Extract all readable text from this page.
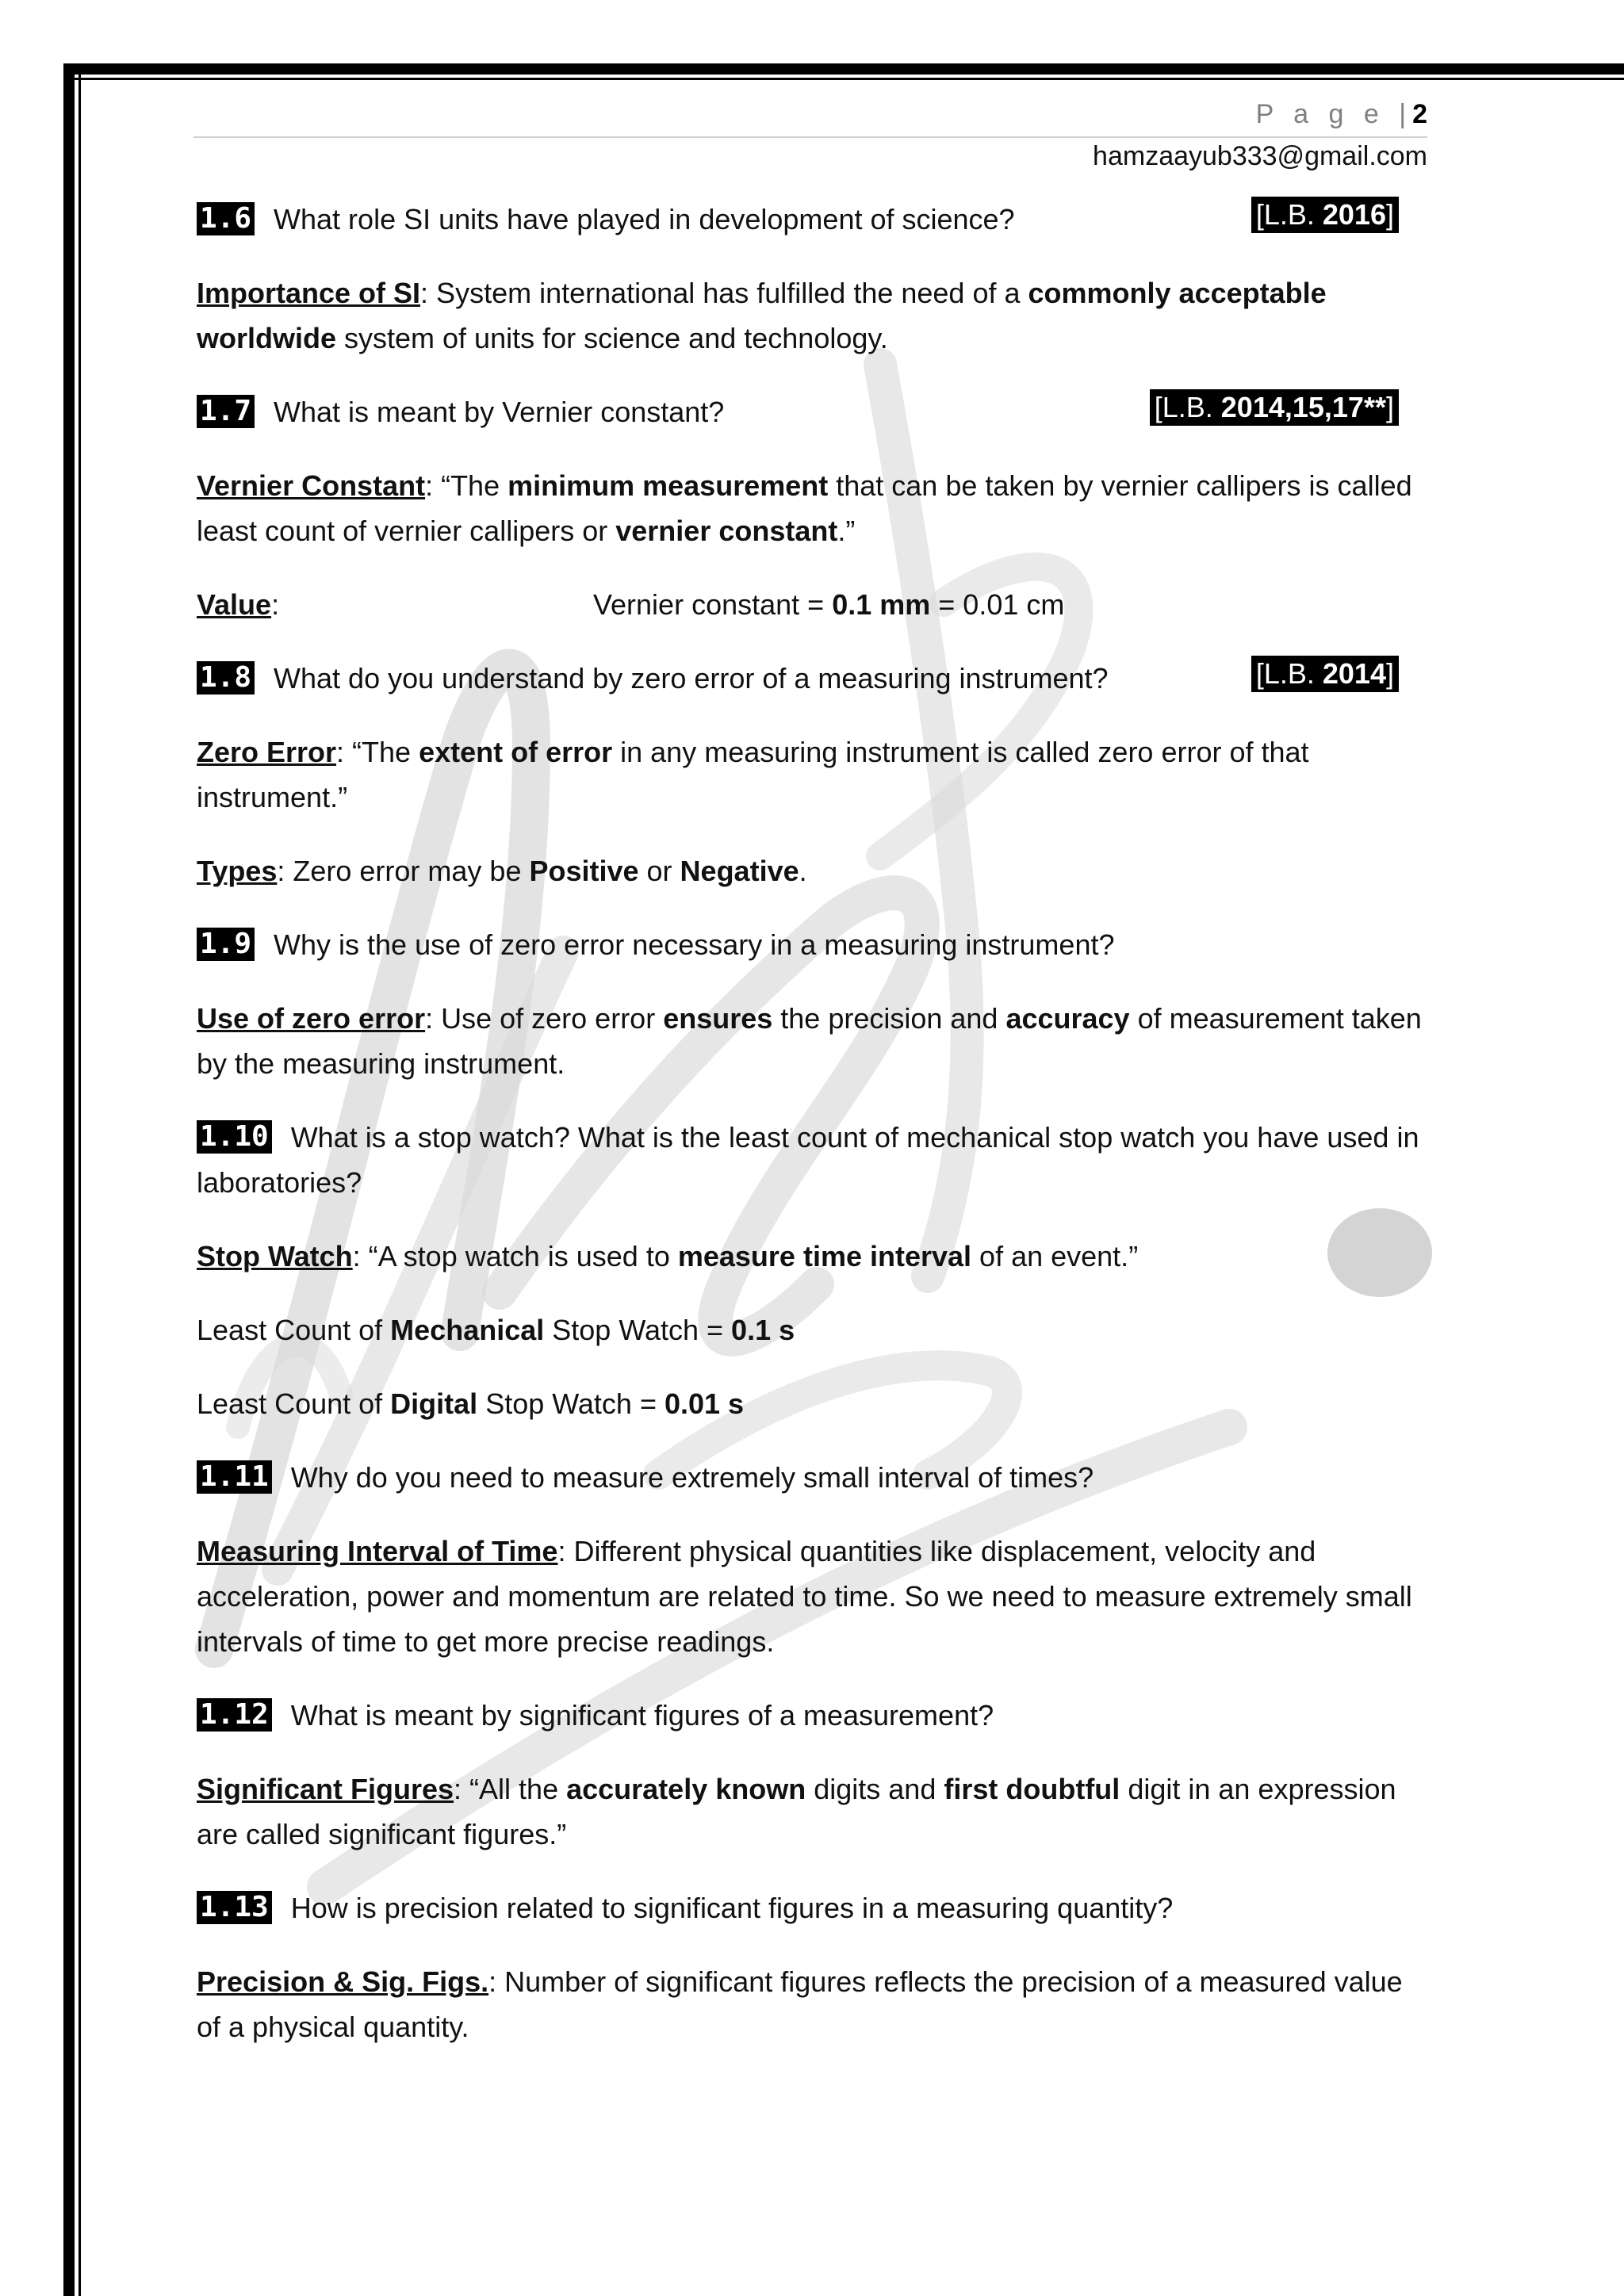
P a g e |2
hamzaayub333@gmail.com
1.6 What role SI units have played in development of science?	[L.B. 2016]
Importance of SI: System international has fulfilled the need of a commonly acceptable worldwide system of units for science and technology.
1.7 What is meant by Vernier constant?	[L.B. 2014,15,17**]
Vernier Constant: “The minimum measurement that can be taken by vernier callipers is called least count of vernier callipers or vernier constant.”
Value:	Vernier constant = 0.1 mm = 0.01 cm
1.8 What do you understand by zero error of a measuring instrument?	[L.B. 2014]
Zero Error: “The extent of error in any measuring instrument is called zero error of that instrument.”
Types: Zero error may be Positive or Negative.
1.9 Why is the use of zero error necessary in a measuring instrument?
Use of zero error: Use of zero error ensures the precision and accuracy of measurement taken by the measuring instrument.
1.10 What is a stop watch? What is the least count of mechanical stop watch you have used in laboratories?
Stop Watch: “A stop watch is used to measure time interval of an event.”
Least Count of Mechanical Stop Watch = 0.1 s
Least Count of Digital Stop Watch = 0.01 s
1.11 Why do you need to measure extremely small interval of times?
Measuring Interval of Time: Different physical quantities like displacement, velocity and acceleration, power and momentum are related to time. So we need to measure extremely small intervals of time to get more precise readings.
1.12 What is meant by significant figures of a measurement?
Significant Figures: “All the accurately known digits and first doubtful digit in an expression are called significant figures.”
1.13 How is precision related to significant figures in a measuring quantity?
Precision & Sig. Figs.: Number of significant figures reflects the precision of a measured value of a physical quantity.
